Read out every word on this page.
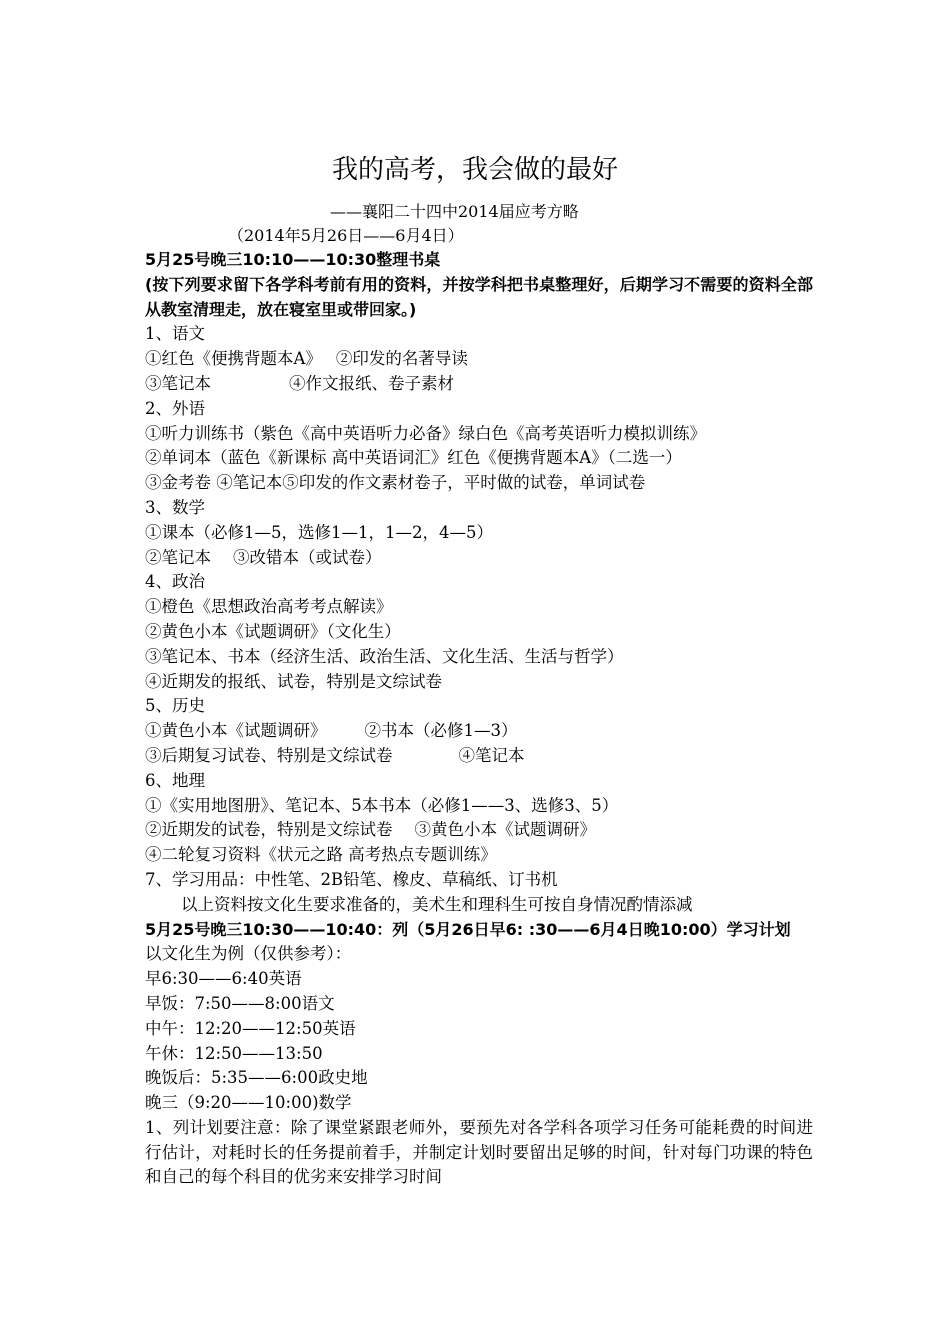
我的高考，我会做的最好
——襄阳二十四中2014届应考方略
（2014年5月26日——6月4日）

5月25号晚三10:10——10:30整理书桌

(按下列要求留下各学科考前有用的资料，并按学科把书桌整理好，后期学习不需要的资料全部从教室清理走，放在寝室里或带回家。)

1、语文

①红色《便携背题本A》 ②印发的名著导读

③笔记本	④作文报纸、卷子素材

2、外语

①听力训练书（紫色《高中英语听力必备》绿白色《高考英语听力模拟训练》

②单词本（蓝色《新课标 高中英语词汇》红色《便携背题本A》（二选一）

③金考卷 ④笔记本⑤印发的作文素材卷子，平时做的试卷，单词试卷

3、数学

①课本（必修1—5，选修1—1，1—2，4—5）

②笔记本 ③改错本（或试卷）

4、政治

①橙色《思想政治高考考点解读》

②黄色小本《试题调研》（文化生）

③笔记本、书本（经济生活、政治生活、文化生活、生活与哲学）

④近期发的报纸、试卷，特别是文综试卷

5、历史

①黄色小本《试题调研》 ②书本（必修1—3）

③后期复习试卷、特别是文综试卷	④笔记本

6、地理

①《实用地图册》、笔记本、5本书本（必修1——3、选修3、5）

②近期发的试卷，特别是文综试卷 ③黄色小本《试题调研》

④二轮复习资料《状元之路 高考热点专题训练》

7、学习用品：中性笔、2B铅笔、橡皮、草稿纸、订书机

以上资料按文化生要求准备的，美术生和理科生可按自身情况酌情添减

5月25号晚三10:30——10:40：列（5月26日早6: :30——6月4日晚10:00）学习计划

以文化生为例（仅供参考）：

早6:30——6:40英语

早饭：7:50——8:00语文

中午：12:20——12:50英语

午休：12:50——13:50

晚饭后：5:35——6:00政史地

晚三（9:20——10:00)数学

1、列计划要注意：除了课堂紧跟老师外，要预先对各学科各项学习任务可能耗费的时间进行估计，对耗时长的任务提前着手，并制定计划时要留出足够的时间，针对每门功课的特色和自己的每个科目的优劣来安排学习时间
